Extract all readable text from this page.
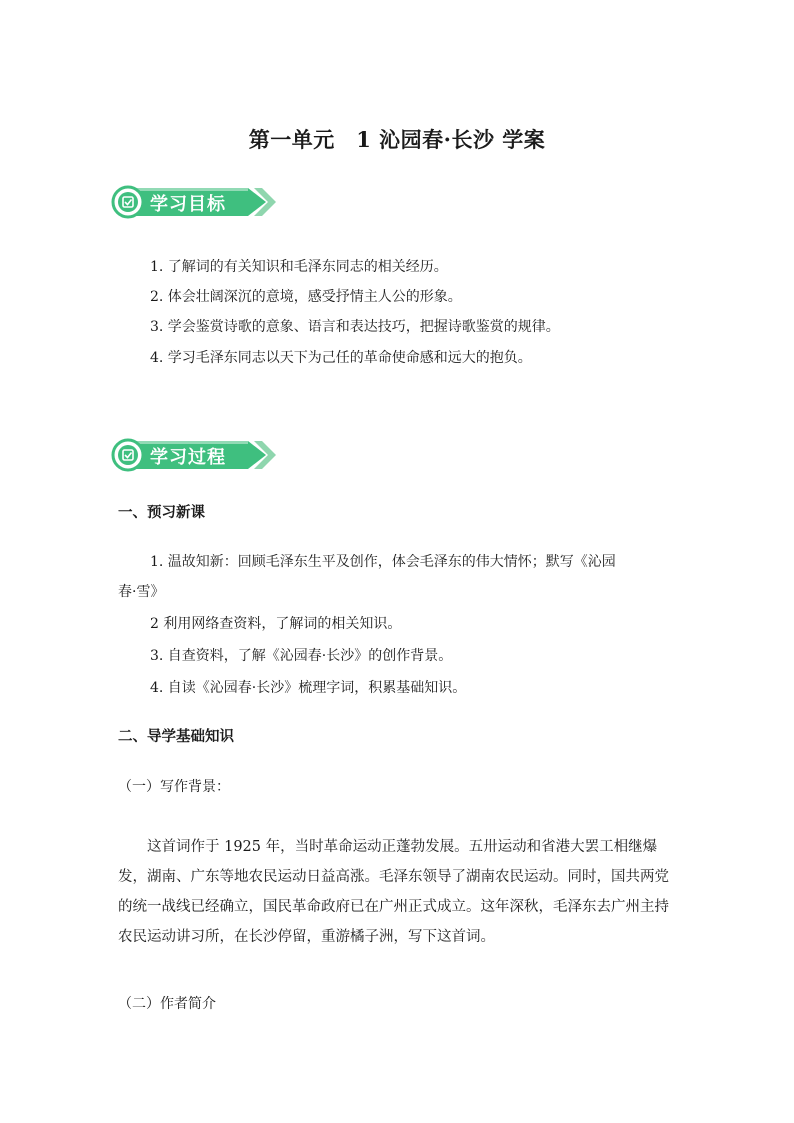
第一单元　1 沁园春·长沙 学案
学习目标
1. 了解词的有关知识和毛泽东同志的相关经历。
2. 体会壮阔深沉的意境，感受抒情主人公的形象。
3. 学会鉴赏诗歌的意象、语言和表达技巧，把握诗歌鉴赏的规律。
4. 学习毛泽东同志以天下为己任的革命使命感和远大的抱负。
学习过程
一、预习新课
1. 温故知新：回顾毛泽东生平及创作，体会毛泽东的伟大情怀；默写《沁园
春·雪》
2 利用网络查资料，了解词的相关知识。
3. 自查资料，了解《沁园春·长沙》的创作背景。
4. 自读《沁园春·长沙》梳理字词，积累基础知识。
二、导学基础知识
（一）写作背景：

这首词作于 1925 年，当时革命运动正蓬勃发展。五卅运动和省港大罢工相继爆发，湖南、广东等地农民运动日益高涨。毛泽东领导了湖南农民运动。同时，国共两党的统一战线已经确立，国民革命政府已在广州正式成立。这年深秋，毛泽东去广州主持农民运动讲习所，在长沙停留，重游橘子洲，写下这首词。

（二）作者简介
